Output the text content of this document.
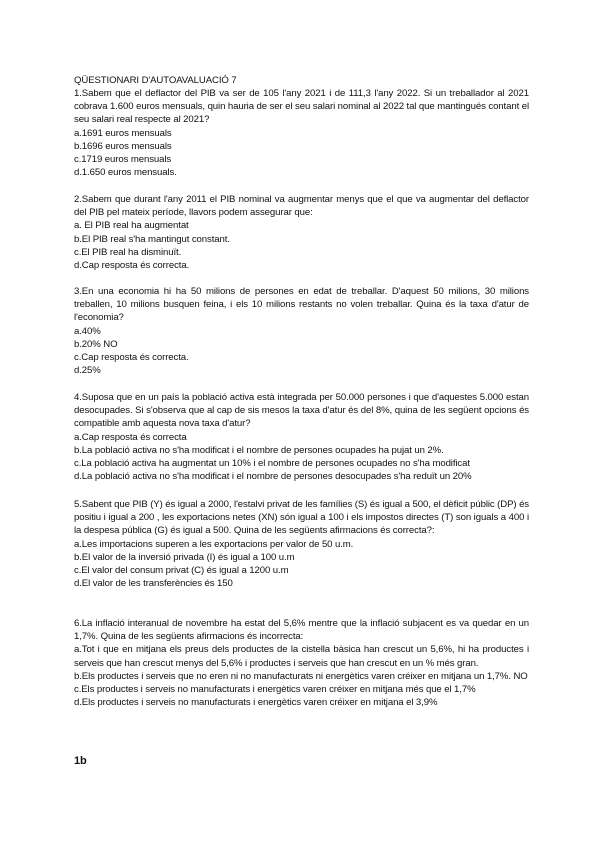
QÜESTIONARI D'AUTOAVALUACIÓ 7

1.Sabem que el deflactor del PIB va ser de 105 l'any 2021 i de 111,3 l'any 2022. Si un treballador al 2021 cobrava 1.600 euros mensuals, quin hauria de ser el seu salari nominal al 2022 tal que mantingués contant el seu salari real respecte al 2021?

a.1691 euros mensuals

b.1696 euros mensuals

c.1719 euros mensuals

d.1.650 euros mensuals.

2.Sabem que durant l'any 2011 el PIB nominal va augmentar menys que el que va augmentar del deflactor del PIB pel mateix període, llavors podem assegurar que:

a. El PIB real ha augmentat

b.El PIB real s'ha mantingut constant.

c.El PIB real ha disminuït.

d.Cap resposta és correcta.

3.En una economia hi ha 50 milions de persones en edat de treballar. D'aquest 50 milions, 30 milions treballen, 10 milions busquen feina, i els 10 milions restants no volen treballar. Quina és la taxa d'atur de l'economia?

a.40%

b.20% NO

c.Cap resposta és correcta.

d.25%

4.Suposa que en un país la població activa està integrada per 50.000 persones i que d'aquestes 5.000 estan desocupades. Si s'observa que al cap de sis mesos la taxa d'atur és del 8%, quina de les següent opcions és compatible amb aquesta nova taxa d'atur?

a.Cap resposta és correcta

b.La població activa no s'ha modificat i el nombre de persones ocupades ha pujat un 2%.

c.La població activa ha augmentat un 10% i el nombre de persones ocupades no s'ha modificat

d.La població activa no s'ha modificat i el nombre de persones desocupades s'ha reduït un 20%

5.Sabent que PIB (Y) és igual a 2000, l'estalvi privat de les famílies (S) és igual a 500, el dèficit públic (DP) és positiu i igual a 200 , les exportacions netes (XN) són igual a 100 i els impostos directes (T) son iguals a 400 i la despesa pública (G) és igual a 500. Quina de les següents afirmacions és correcta?:

a.Les importacions superen a les exportacions per valor de 50 u.m.

b.El valor de la inversió privada (I) és igual a 100 u.m

c.El valor del consum privat (C) és igual a 1200 u.m

d.El valor de les transferències és 150

6.La inflació interanual de novembre ha estat del 5,6% mentre que la inflació subjacent es va quedar en un 1,7%. Quina de les següents afirmacions és incorrecta:

a.Tot i que en mitjana els preus dels productes de la cistella bàsica han crescut un 5,6%, hi ha productes i serveis que han crescut menys del 5,6% i productes i serveis que han crescut en un % més gran.

b.Els productes i serveis que no eren ni no manufacturats ni energètics varen créixer en mitjana un 1,7%. NO

c.Els productes i serveis no manufacturats i energètics varen créixer en mitjana més que el 1,7%

d.Els productes i serveis no manufacturats i energètics varen créixer en mitjana el 3,9%

1b
